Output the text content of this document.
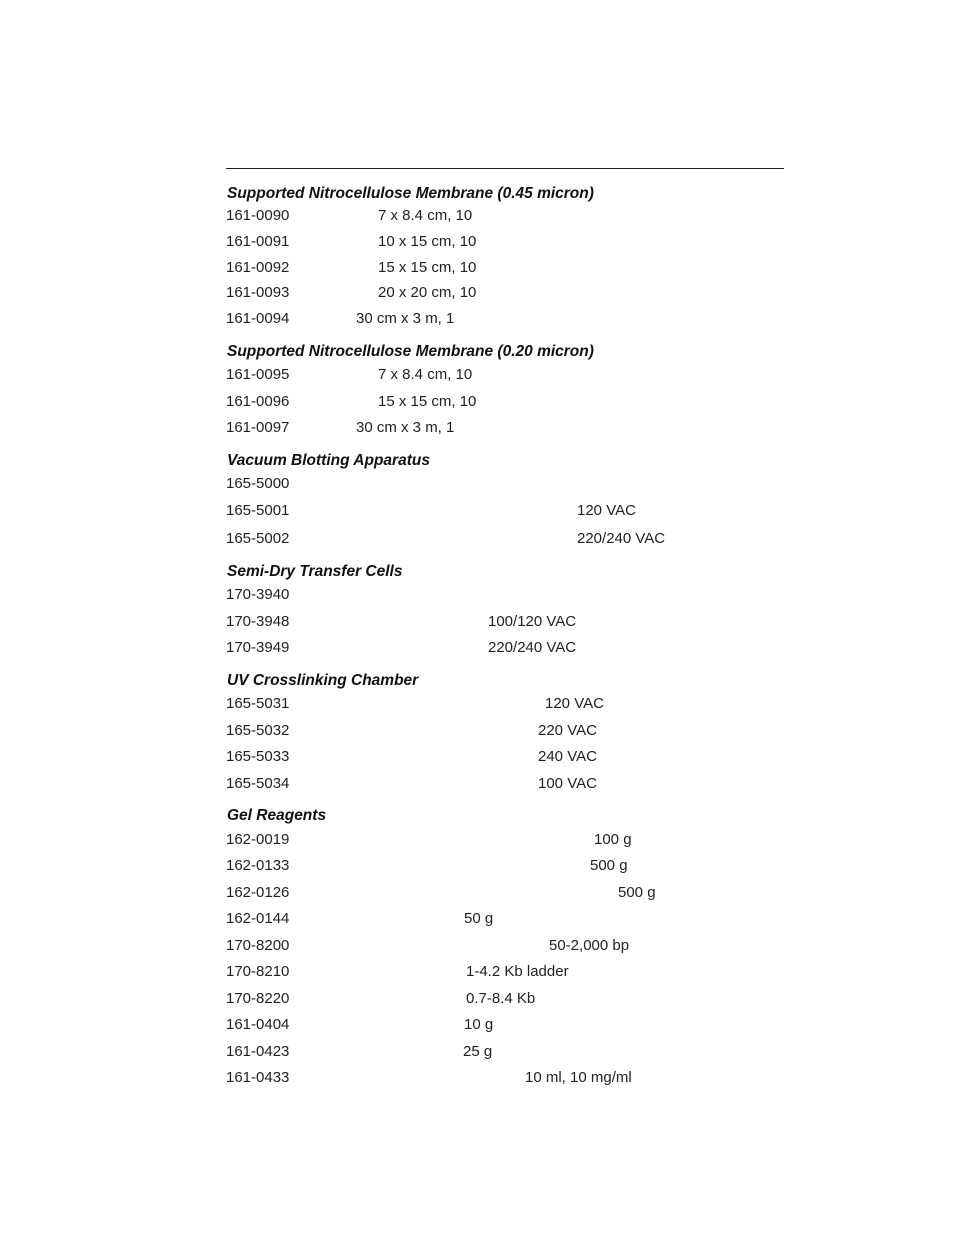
Supported Nitrocellulose Membrane (0.45 micron)
161-0090	7 x 8.4 cm, 10
161-0091	10 x 15 cm, 10
161-0092	15 x 15 cm, 10
161-0093	20 x 20 cm, 10
161-0094	30 cm x 3 m, 1
Supported Nitrocellulose Membrane (0.20 micron)
161-0095	7 x 8.4 cm, 10
161-0096	15 x 15 cm, 10
161-0097	30 cm x 3 m, 1
Vacuum Blotting Apparatus
165-5000
165-5001	120 VAC
165-5002	220/240 VAC
Semi-Dry Transfer Cells
170-3940
170-3948	100/120 VAC
170-3949	220/240 VAC
UV Crosslinking Chamber
165-5031	120 VAC
165-5032	220 VAC
165-5033	240 VAC
165-5034	100 VAC
Gel Reagents
162-0019	100 g
162-0133	500 g
162-0126	500 g
162-0144	50 g
170-8200	50-2,000 bp
170-8210	1-4.2 Kb ladder
170-8220	0.7-8.4 Kb
161-0404	10 g
161-0423	25 g
161-0433	10 ml, 10 mg/ml
